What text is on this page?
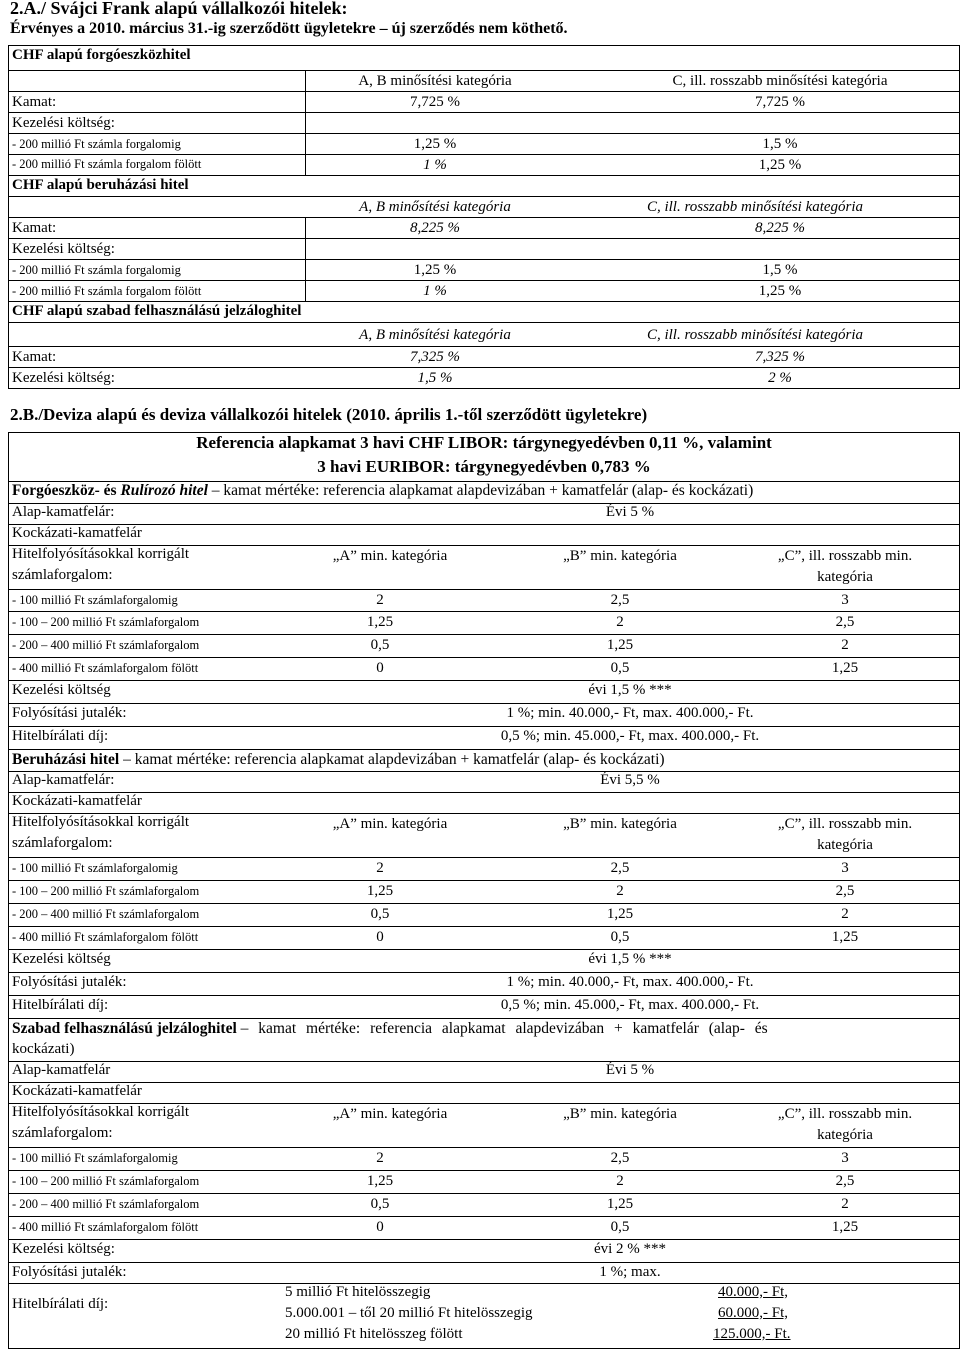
2.A./ Svájci Frank alapú vállalkozói hitelek:
Érvényes a 2010. március 31.-ig szerződött ügyletekre – új szerződés nem köthető.
CHF alapú forgóeszközhitel
A, B minősítési kategória	C, ill. rosszabb minősítési kategória
Kamat:	7,725 %	7,725 %
Kezelési költség:
- 200 millió Ft számla forgalomig	1,25 %	1,5 %
- 200 millió Ft számla forgalom fölött	1 %	1,25 %
CHF alapú beruházási hitel
A, B minősítési kategória	C, ill. rosszabb minősítési kategória
Kamat:	8,225 %	8,225 %
Kezelési költség:
- 200 millió Ft számla forgalomig	1,25 %	1,5 %
- 200 millió Ft számla forgalom fölött	1 %	1,25 %
CHF alapú szabad felhasználású jelzáloghitel
A, B minősítési kategória	C, ill. rosszabb minősítési kategória
Kamat:	7,325 %	7,325 %
Kezelési költség:	1,5 %	2 %
2.B./Deviza alapú és deviza vállalkozói hitelek (2010. április 1.-től szerződött ügyletekre)
Referencia alapkamat 3 havi CHF LIBOR: tárgynegyedévben 0,11 %, valamint
3 havi EURIBOR: tárgynegyedévben 0,783 %
Forgóeszköz- és Rulírozó hitel – kamat mértéke: referencia alapkamat alapdevizában + kamatfelár (alap- és kockázati)
Alap-kamatfelár:	Évi 5 %
Kockázati-kamatfelár
Hitelfolyósításokkal korrigált
számlaforgalom:
„A” min. kategória	„B” min. kategória	„C”, ill. rosszabb min.
kategória
- 100 millió Ft számlaforgalomig	2	2,5	3
- 100 – 200 millió Ft számlaforgalom	1,25	2	2,5
- 200 – 400 millió Ft számlaforgalom	0,5	1,25	2
- 400 millió Ft számlaforgalom fölött	0	0,5	1,25
Kezelési költség	évi 1,5 % ***
Folyósítási jutalék:	1 %; min. 40.000,- Ft, max. 400.000,- Ft.
Hitelbírálati díj:	0,5 %; min. 45.000,- Ft, max. 400.000,- Ft.
Beruházási hitel – kamat mértéke: referencia alapkamat alapdevizában + kamatfelár (alap- és kockázati)
Alap-kamatfelár:	Évi 5,5 %
Kockázati-kamatfelár
Hitelfolyósításokkal korrigált
számlaforgalom:
„A” min. kategória	„B” min. kategória	„C”, ill. rosszabb min.
kategória
- 100 millió Ft számlaforgalomig	2	2,5	3
- 100 – 200 millió Ft számlaforgalom	1,25	2	2,5
- 200 – 400 millió Ft számlaforgalom	0,5	1,25	2
- 400 millió Ft számlaforgalom fölött	0	0,5	1,25
Kezelési költség	évi 1,5 % ***
Folyósítási jutalék:	1 %; min. 40.000,- Ft, max. 400.000,- Ft.
Hitelbírálati díj:	0,5 %; min. 45.000,- Ft, max. 400.000,- Ft.
Szabad felhasználású jelzáloghitel – kamat mértéke: referencia alapkamat alapdevizában + kamatfelár (alap- és
kockázati)
Alap-kamatfelár	Évi 5 %
Kockázati-kamatfelár
Hitelfolyósításokkal korrigált
számlaforgalom:
„A” min. kategória	„B” min. kategória	„C”, ill. rosszabb min.
kategória
- 100 millió Ft számlaforgalomig	2	2,5	3
- 100 – 200 millió Ft számlaforgalom	1,25	2	2,5
- 200 – 400 millió Ft számlaforgalom	0,5	1,25	2
- 400 millió Ft számlaforgalom fölött	0	0,5	1,25
Kezelési költség:	évi 2 % ***
Folyósítási jutalék:	1 %; max.
Hitelbírálati díj:
5 millió Ft hitelösszegig	40.000,- Ft,
5.000.001 – től 20 millió Ft hitelösszegig	60.000,- Ft,
20 millió Ft hitelösszeg fölött	125.000,- Ft.
